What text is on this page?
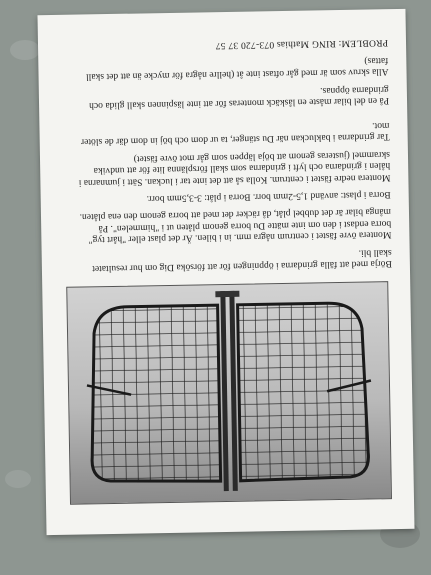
Börja med att fälla grindarna i öppningen för att försöka Dig om hur resultatet skall bli.

Montera övre fästet i centrum några mm. in i bilen. Är det plast eller "hårt tyg" borra endast i den om inte mätte Du borra genom plåten ut i "himmelen". På många bilar är det dubbel plåt, då räcker det med att borra genom den ena plåten.

Borra i plast: använd 1,5-2mm borr. Borra i plåt: 3-3,5mm borr.

Montera nedre fästet i centrum. Kolla så att det inte tar i luckan. Sätt i jumnarna i hålen i grindarna och lyft i grindarna som skall försplänna lite för att undvika skrammel (justeras genom att böja läppen som går mot övre fästet)

Tar grindarna i bakluckan när Du stänger, ta ur dom och böj in dom där de slöter mot.

På en del bilar måste en låskäck monteras för att inte läspinnen skall glida och grindarna öppnas.

Alla skruv som är med går oftast inte åt (hellre några för mycke än att det skall fattas)

PROBLEM: RING Mathias 073-720 37 57
